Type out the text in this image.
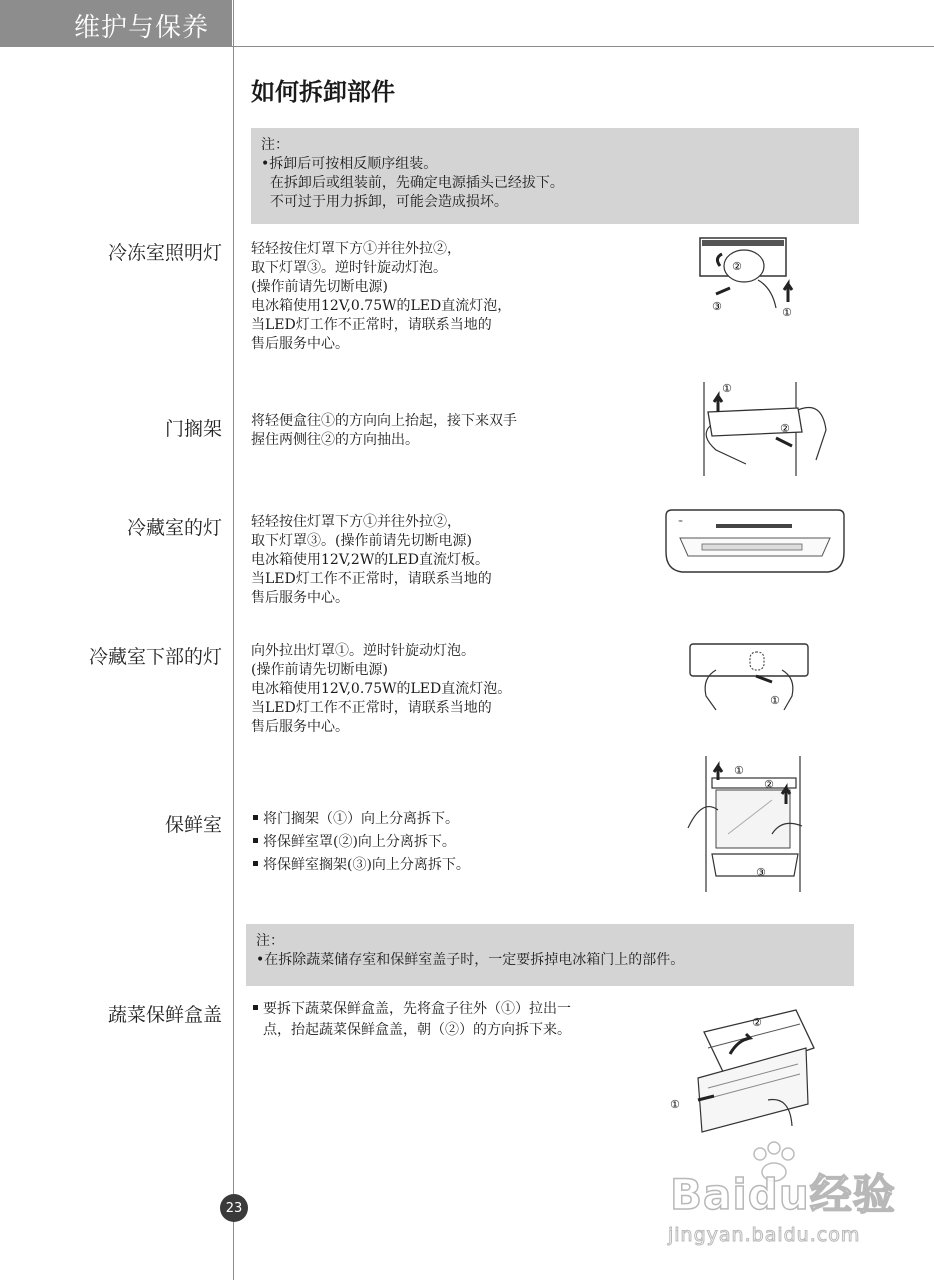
维护与保养
如何拆卸部件
注：
•拆卸后可按相反顺序组装。
在拆卸后或组装前，先确定电源插头已经拔下。
不可过于用力拆卸，可能会造成损坏。
冷冻室照明灯 轻轻按住灯罩下方①并往外拉②，
取下灯罩③。逆时针旋动灯泡。
(操作前请先切断电源)
电冰箱使用12V,0.75W的LED直流灯泡，
当LED灯工作不正常时，请联系当地的
售后服务中心。
②
③	①
门搁架 将轻便盒往①的方向向上抬起，接下来双手
握住两侧往②的方向抽出。
①
②
冷藏室的灯 轻轻按住灯罩下方①并往外拉②，
取下灯罩③。(操作前请先切断电源)
电冰箱使用12V,2W的LED直流灯板。
当LED灯工作不正常时，请联系当地的
售后服务中心。
≈
冷藏室下部的灯 向外拉出灯罩①。逆时针旋动灯泡。
(操作前请先切断电源)
电冰箱使用12V,0.75W的LED直流灯泡。
当LED灯工作不正常时，请联系当地的
售后服务中心。
①
保鲜室	将门搁架（①）向上分离拆下。
将保鲜室罩(②)向上分离拆下。
将保鲜室搁架(③)向上分离拆下。
①
②
③
注：
•在拆除蔬菜储存室和保鲜室盖子时，一定要拆掉电冰箱门上的部件。
蔬菜保鲜盒盖	要拆下蔬菜保鲜盒盖，先将盒子往外（①）拉出一
点，抬起蔬菜保鲜盒盖，朝（②）的方向拆下来。	②
①
23	Baidu经验
jingyan.baidu.com
